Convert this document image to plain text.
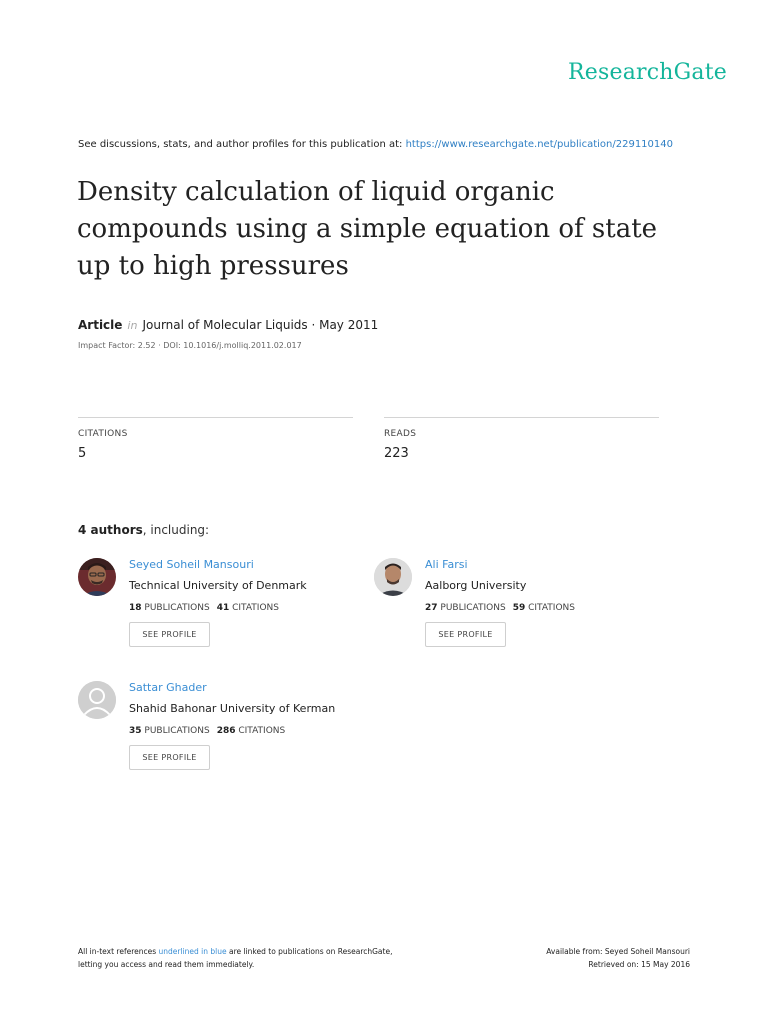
ResearchGate
See discussions, stats, and author profiles for this publication at: https://www.researchgate.net/publication/229110140
Density calculation of liquid organic compounds using a simple equation of state up to high pressures
Article in Journal of Molecular Liquids · May 2011
Impact Factor: 2.52 · DOI: 10.1016/j.molliq.2011.02.017
CITATIONS
5
READS
223
4 authors, including:
Seyed Soheil Mansouri
Technical University of Denmark
18 PUBLICATIONS 41 CITATIONS
SEE PROFILE
Ali Farsi
Aalborg University
27 PUBLICATIONS 59 CITATIONS
SEE PROFILE
Sattar Ghader
Shahid Bahonar University of Kerman
35 PUBLICATIONS 286 CITATIONS
SEE PROFILE
All in-text references underlined in blue are linked to publications on ResearchGate,
letting you access and read them immediately.
Available from: Seyed Soheil Mansouri
Retrieved on: 15 May 2016
